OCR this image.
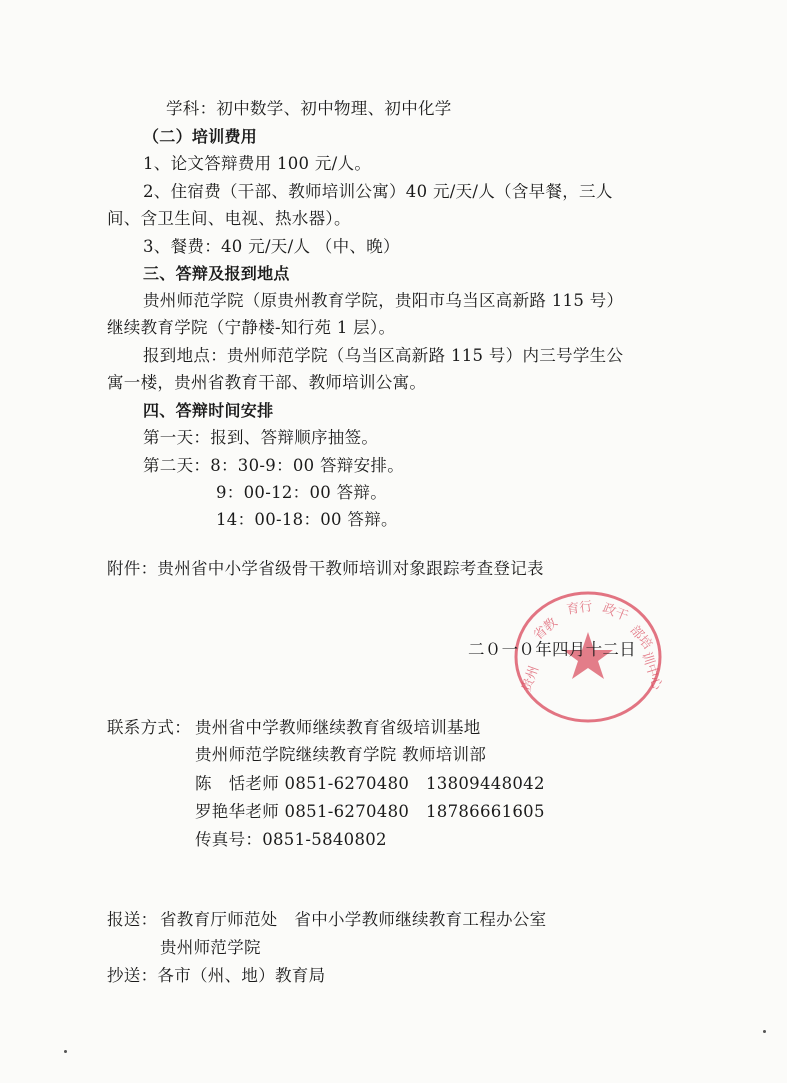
学科：初中数学、初中物理、初中化学
（二）培训费用
1、论文答辩费用 100 元/人。
2、住宿费（干部、教师培训公寓）40 元/天/人（含早餐，三人
间、含卫生间、电视、热水器）。
3、餐费：40 元/天/人 （中、晚）
三、答辩及报到地点
贵州师范学院（原贵州教育学院，贵阳市乌当区高新路 115 号）
继续教育学院（宁静楼-知行苑 1 层）。
报到地点：贵州师范学院（乌当区高新路 115 号）内三号学生公
寓一楼，贵州省教育干部、教师培训公寓。
四、答辩时间安排
第一天：报到、答辩顺序抽签。
第二天：8：30-9：00 答辩安排。
9：00-12：00 答辩。
14：00-18：00 答辩。
附件：贵州省中小学省级骨干教师培训对象跟踪考查登记表
贵州
省教
育行 政干
部培
训中心
二０一０年四月十二日
联系方式： 贵州省中学教师继续教育省级培训基地
贵州师范学院继续教育学院 教师培训部
陈　恬老师 0851-6270480　13809448042
罗艳华老师 0851-6270480　18786661605
传真号：0851-5840802
报送： 省教育厅师范处　省中小学教师继续教育工程办公室
贵州师范学院
抄送：各市（州、地）教育局
